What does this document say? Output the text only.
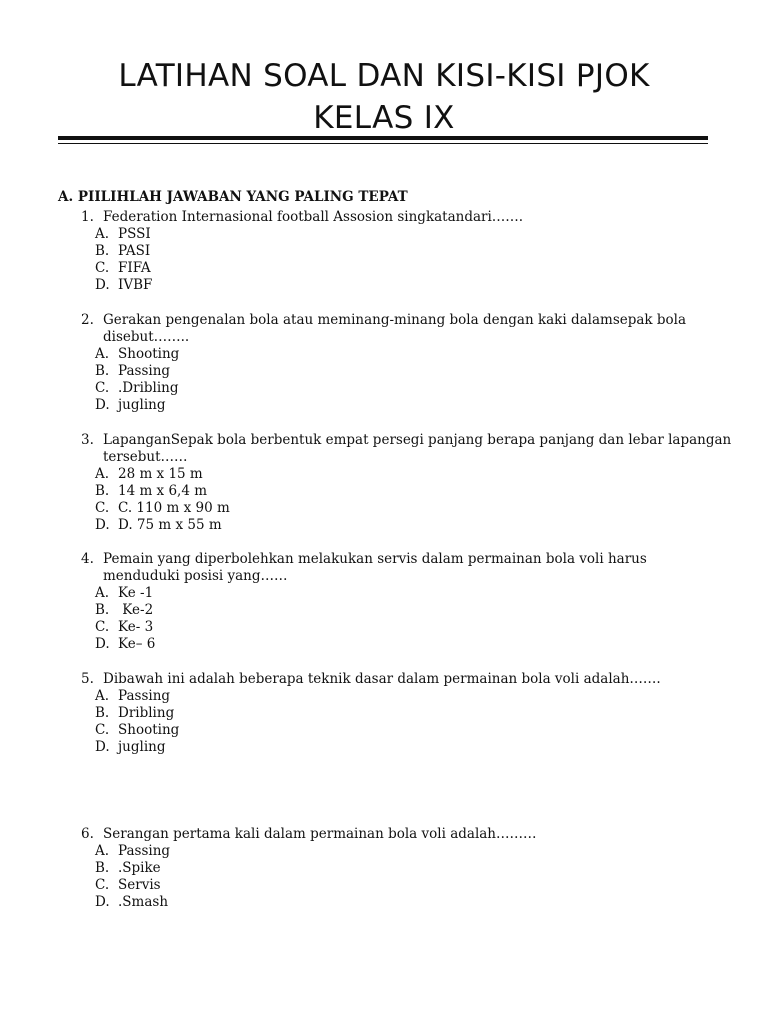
LATIHAN SOAL DAN KISI-KISI PJOK
KELAS IX
A. PIILIHLAH JAWABAN YANG PALING TEPAT
1. Federation Internasional football Assosion singkatandari…….
A. PSSI
B. PASI
C. FIFA
D. IVBF
2. Gerakan pengenalan bola atau meminang-minang bola dengan kaki dalamsepak bola
disebut……..
A. Shooting
B. Passing
C. .Dribling
D. jugling
3. LapanganSepak bola berbentuk empat persegi panjang berapa panjang dan lebar lapangan
tersebut……
A. 28 m x 15 m
B. 14 m x 6,4 m
C. C. 110 m x 90 m
D. D. 75 m x 55 m
4. Pemain yang diperbolehkan melakukan servis dalam permainan bola voli harus
menduduki posisi yang……
A. Ke -1
B. Ke-2
C. Ke- 3
D. Ke– 6
5. Dibawah ini adalah beberapa teknik dasar dalam permainan bola voli adalah…….
A. Passing
B. Dribling
C. Shooting
D. jugling
6. Serangan pertama kali dalam permainan bola voli adalah………
A. Passing
B. .Spike
C. Servis
D. .Smash
